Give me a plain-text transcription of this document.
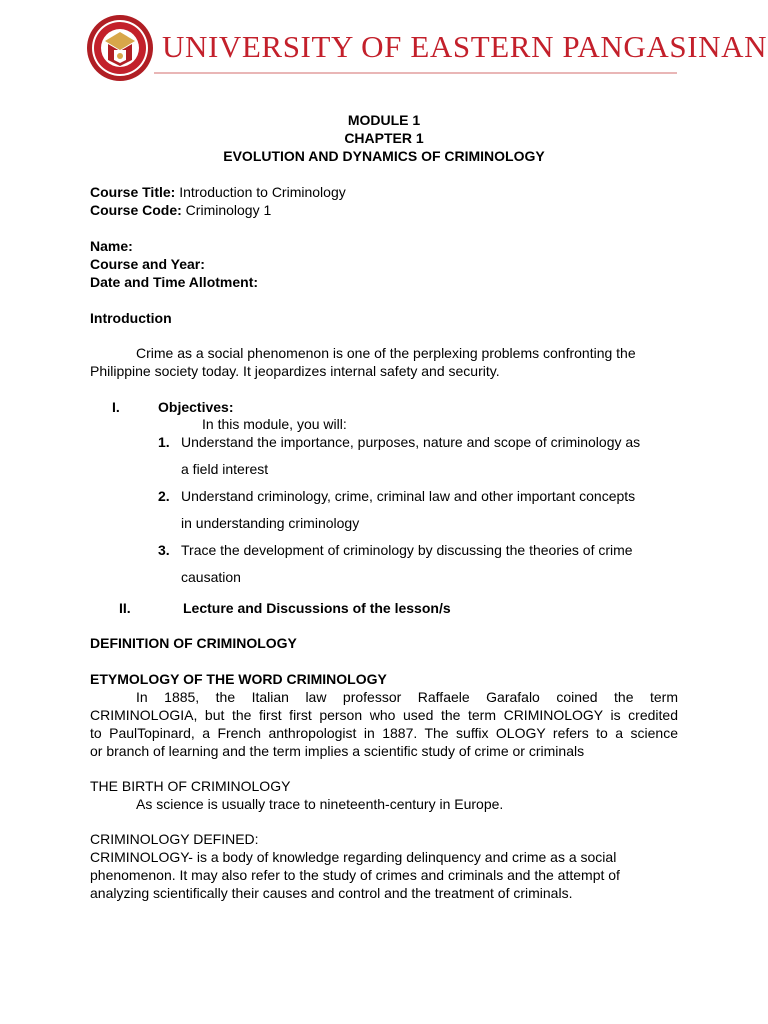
UNIVERSITY OF EASTERN PANGASINAN
MODULE 1
CHAPTER 1
EVOLUTION AND DYNAMICS OF CRIMINOLOGY
Course Title: Introduction to Criminology
Course Code: Criminology 1
Name:
Course and Year:
Date and Time Allotment:
Introduction
Crime as a social phenomenon is one of the perplexing problems confronting the
Philippine society today. It jeopardizes internal safety and security.
I.	Objectives:
In this module, you will:
1. Understand the importance, purposes, nature and scope of criminology as
a field interest
2. Understand criminology, crime, criminal law and other important concepts
in understanding criminology
3. Trace the development of criminology by discussing the theories of crime
causation
II.	Lecture and Discussions of the lesson/s
DEFINITION OF CRIMINOLOGY
ETYMOLOGY OF THE WORD CRIMINOLOGY
In 1885, the Italian law professor Raffaele Garafalo coined the term
CRIMINOLOGIA, but the first first person who used the term CRIMINOLOGY is credited
to PaulTopinard, a French anthropologist in 1887. The suffix OLOGY refers to a science
or branch of learning and the term implies a scientific study of crime or criminals
THE BIRTH OF CRIMINOLOGY
As science is usually trace to nineteenth-century in Europe.
CRIMINOLOGY DEFINED:
CRIMINOLOGY- is a body of knowledge regarding delinquency and crime as a social
phenomenon. It may also refer to the study of crimes and criminals and the attempt of
analyzing scientifically their causes and control and the treatment of criminals.
